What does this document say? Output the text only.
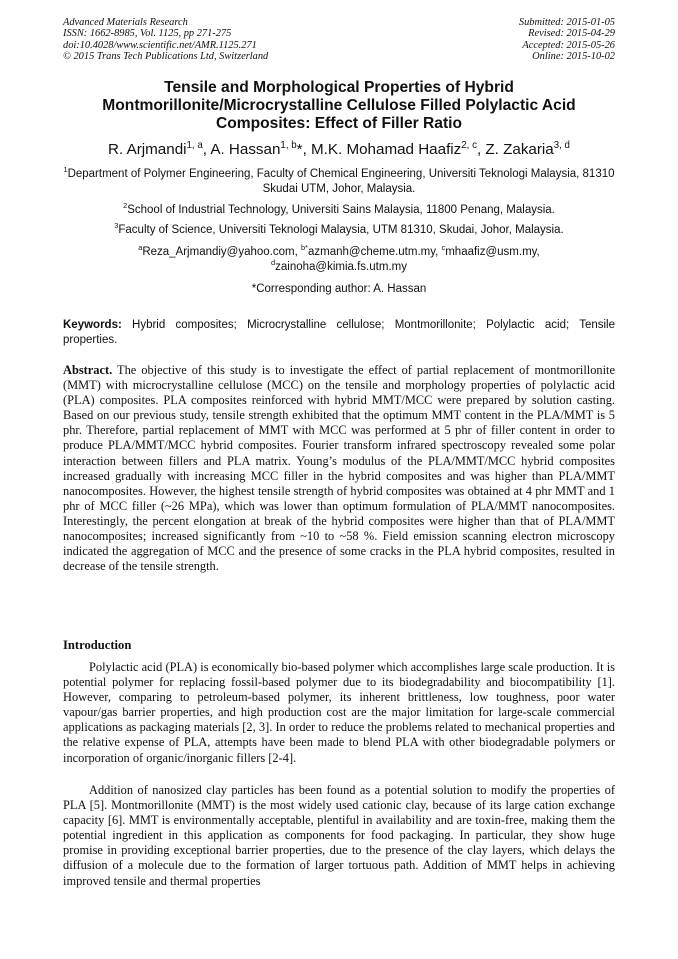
Advanced Materials Research
ISSN: 1662-8985, Vol. 1125, pp 271-275
doi:10.4028/www.scientific.net/AMR.1125.271
© 2015 Trans Tech Publications Ltd, Switzerland
Submitted: 2015-01-05
Revised: 2015-04-29
Accepted: 2015-05-26
Online: 2015-10-02
Tensile and Morphological Properties of Hybrid Montmorillonite/Microcrystalline Cellulose Filled Polylactic Acid Composites: Effect of Filler Ratio
R. Arjmandi$^{1, a}$, A. Hassan$^{1, b}$*, M.K. Mohamad Haafiz$^{2, c}$, Z. Zakaria$^{3, d}$
$^1$Department of Polymer Engineering, Faculty of Chemical Engineering, Universiti Teknologi Malaysia, 81310 Skudai UTM, Johor, Malaysia.
$^2$School of Industrial Technology, Universiti Sains Malaysia, 11800 Penang, Malaysia.
$^3$Faculty of Science, Universiti Teknologi Malaysia, UTM 81310, Skudai, Johor, Malaysia.
$^a$Reza_Arjmandiy@yahoo.com, $^{b*}$azmanh@cheme.utm.my, $^c$mhaafiz@usm.my,
$^d$zainoha@kimia.fs.utm.my
*Corresponding author: A. Hassan
Keywords: Hybrid composites; Microcrystalline cellulose; Montmorillonite; Polylactic acid; Tensile properties.
Abstract. The objective of this study is to investigate the effect of partial replacement of montmorillonite (MMT) with microcrystalline cellulose (MCC) on the tensile and morphology properties of polylactic acid (PLA) composites. PLA composites reinforced with hybrid MMT/MCC were prepared by solution casting. Based on our previous study, tensile strength exhibited that the optimum MMT content in the PLA/MMT is 5 phr. Therefore, partial replacement of MMT with MCC was performed at 5 phr of filler content in order to produce PLA/MMT/MCC hybrid composites. Fourier transform infrared spectroscopy revealed some polar interaction between fillers and PLA matrix. Young’s modulus of the PLA/MMT/MCC hybrid composites increased gradually with increasing MCC filler in the hybrid composites and was higher than PLA/MMT nanocomposites. However, the highest tensile strength of hybrid composites was obtained at 4 phr MMT and 1 phr of MCC filler (~26 MPa), which was lower than optimum formulation of PLA/MMT nanocomposites. Interestingly, the percent elongation at break of the hybrid composites were higher than that of PLA/MMT nanocomposites; increased significantly from ~10 to ~58 %. Field emission scanning electron microscopy indicated the aggregation of MCC and the presence of some cracks in the PLA hybrid composites, resulted in decrease of the tensile strength.
Introduction
Polylactic acid (PLA) is economically bio-based polymer which accomplishes large scale production. It is potential polymer for replacing fossil-based polymer due to its biodegradability and biocompatibility [1]. However, comparing to petroleum-based polymer, its inherent brittleness, low toughness, poor water vapour/gas barrier properties, and high production cost are the major limitation for large-scale commercial applications as packaging materials [2, 3]. In order to reduce the problems related to mechanical properties and the relative expense of PLA, attempts have been made to blend PLA with other biodegradable polymers or incorporation of organic/inorganic fillers [2-4].
Addition of nanosized clay particles has been found as a potential solution to modify the properties of PLA [5]. Montmorillonite (MMT) is the most widely used cationic clay, because of its large cation exchange capacity [6]. MMT is environmentally acceptable, plentiful in availability and are toxin-free, making them the potential ingredient in this application as components for food packaging. In particular, they show huge promise in providing exceptional barrier properties, due to the presence of the clay layers, which delays the diffusion of a molecule due to the formation of larger tortuous path. Addition of MMT helps in achieving improved tensile and thermal properties
